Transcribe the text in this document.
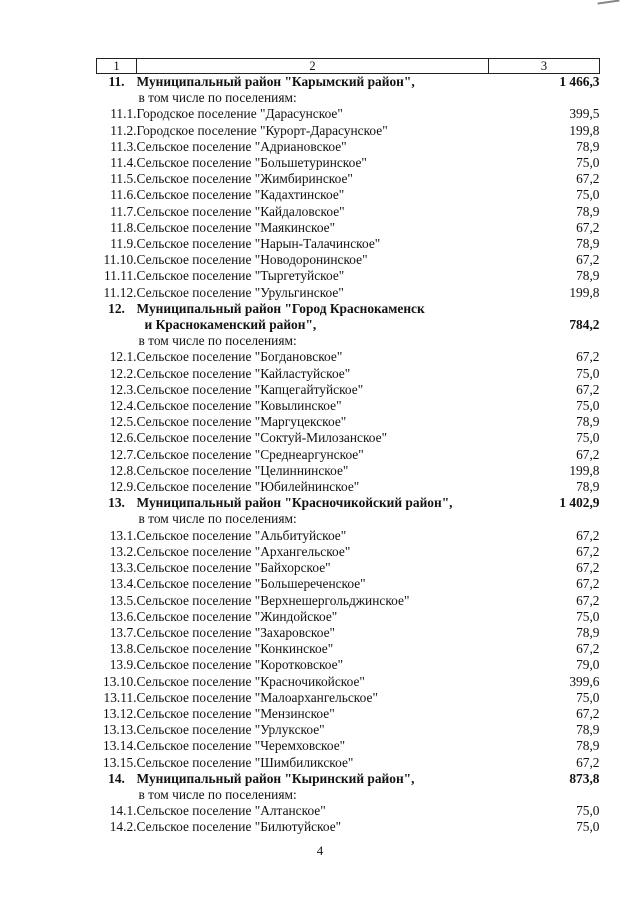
1	2	3
11.	Муниципальный район "Карымский район",	1 466,3
	в том числе по поселениям:	
11.1.	Городское поселение "Дарасунское"	399,5
11.2.	Городское поселение "Курорт-Дарасунское"	199,8
11.3.	Сельское поселение "Адриановское"	78,9
11.4.	Сельское поселение "Большетуринское"	75,0
11.5.	Сельское поселение "Жимбиринское"	67,2
11.6.	Сельское поселение "Кадахтинское"	75,0
11.7.	Сельское поселение "Кайдаловское"	78,9
11.8.	Сельское поселение "Маякинское"	67,2
11.9.	Сельское поселение "Нарын-Талачинское"	78,9
11.10.	Сельское поселение "Новодоронинское"	67,2
11.11.	Сельское поселение "Тыргетуйское"	78,9
11.12.	Сельское поселение "Урульгинское"	199,8
12.	Муниципальный район "Город Краснокаменск	
	и Краснокаменский район",	784,2
	в том числе по поселениям:	
12.1.	Сельское поселение "Богдановское"	67,2
12.2.	Сельское поселение "Кайластуйское"	75,0
12.3.	Сельское поселение "Капцегайтуйское"	67,2
12.4.	Сельское поселение "Ковылинское"	75,0
12.5.	Сельское поселение "Маргуцекское"	78,9
12.6.	Сельское поселение "Соктуй-Милозанское"	75,0
12.7.	Сельское поселение "Среднеаргунское"	67,2
12.8.	Сельское поселение "Целиннинское"	199,8
12.9.	Сельское поселение "Юбилейнинское"	78,9
13.	Муниципальный район "Красночикойский район",	1 402,9
	в том числе по поселениям:	
13.1.	Сельское поселение "Альбитуйское"	67,2
13.2.	Сельское поселение "Архангельское"	67,2
13.3.	Сельское поселение "Байхорское"	67,2
13.4.	Сельское поселение "Большереченское"	67,2
13.5.	Сельское поселение "Верхнешергольджинское"	67,2
13.6.	Сельское поселение "Жиндойское"	75,0
13.7.	Сельское поселение "Захаровское"	78,9
13.8.	Сельское поселение "Конкинское"	67,2
13.9.	Сельское поселение "Коротковское"	79,0
13.10.	Сельское поселение "Красночикойское"	399,6
13.11.	Сельское поселение "Малоархангельское"	75,0
13.12.	Сельское поселение "Мензинское"	67,2
13.13.	Сельское поселение "Урлукское"	78,9
13.14.	Сельское поселение "Черемховское"	78,9
13.15.	Сельское поселение "Шимбиликское"	67,2
14.	Муниципальный район "Кыринский район",	873,8
	в том числе по поселениям:	
14.1.	Сельское поселение "Алтанское"	75,0
14.2.	Сельское поселение "Билютуйское"	75,0
4
